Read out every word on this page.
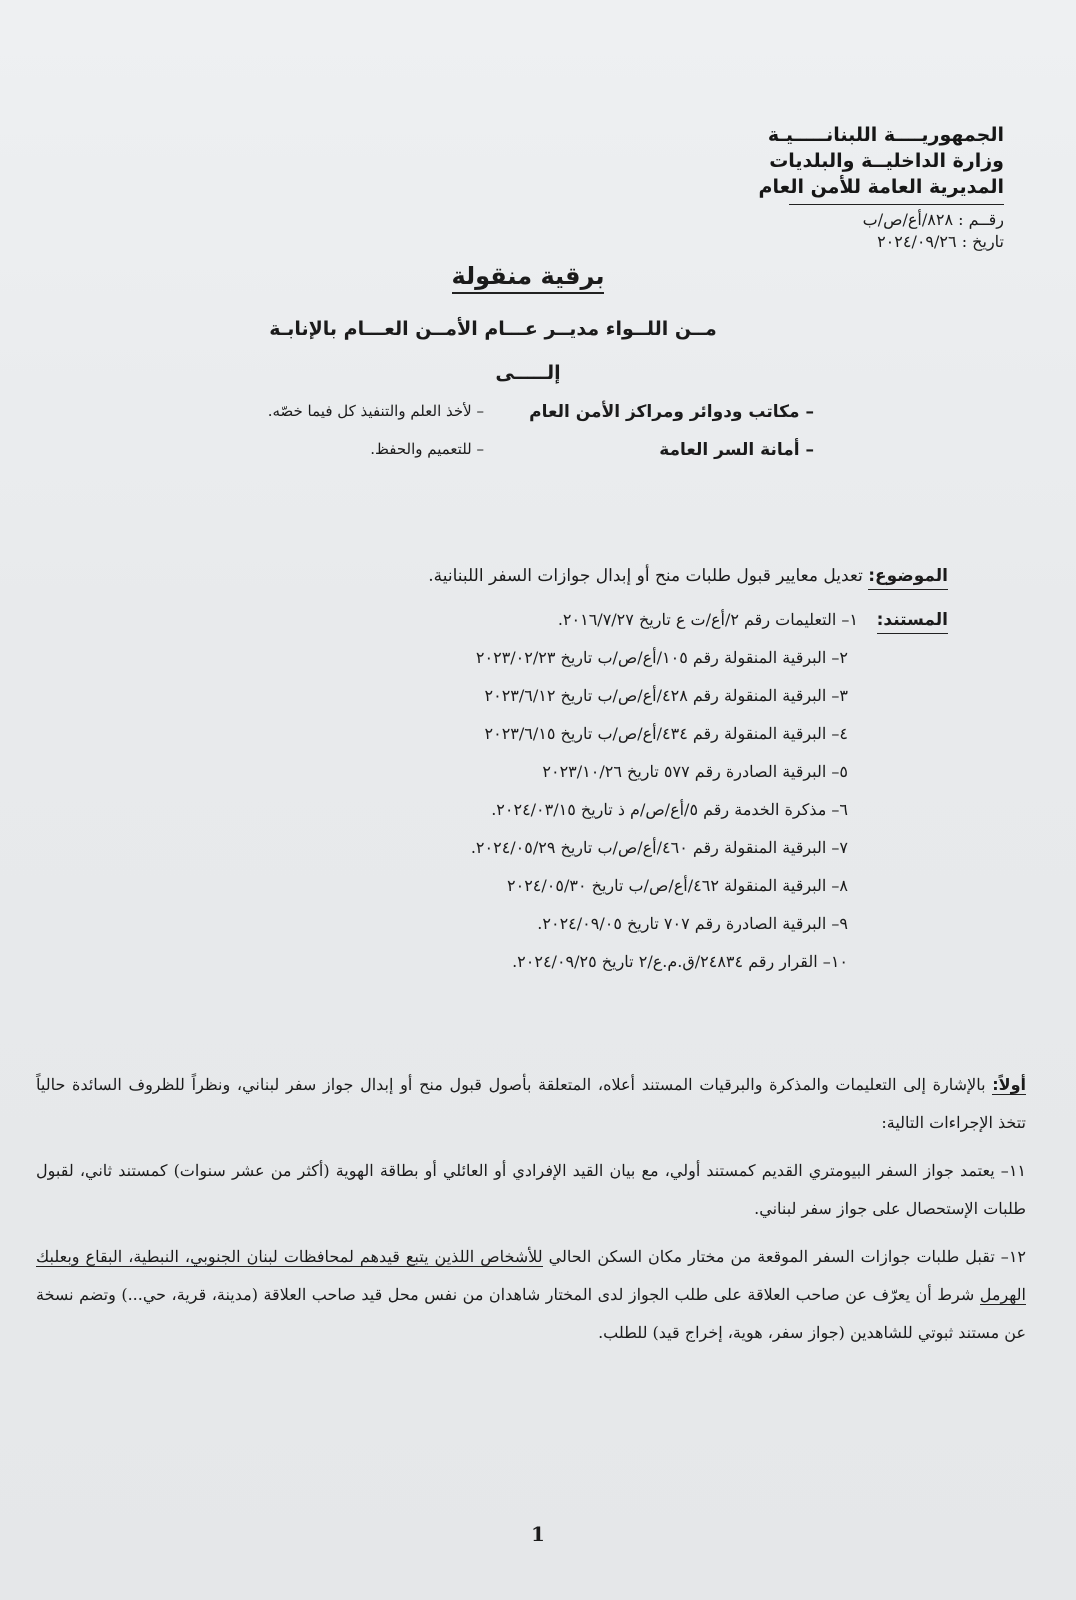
الجمهوريــــة اللبنانـــــيـة
وزارة الداخليــة والبلديات
المديرية العامة للأمن العام
رقــم : ٨٢٨/أع/ص/ب
تاريخ : ٢٠٢٤/٠٩/٢٦
برقية منقولة
مــن اللــواء مديــر عـــام الأمــن العـــام بالإنابـة
إلـــــى
– مكاتب ودوائر ومراكز الأمن العام
– لأخذ العلم والتنفيذ كل فيما خصّه.
– أمانة السر العامة
– للتعميم والحفظ.
الموضوع: تعديل معايير قبول طلبات منح أو إبدال جوازات السفر اللبنانية.
المستند:
١– التعليمات رقم ٢/أع/ت ع تاريخ ٢٠١٦/٧/٢٧.
٢– البرقية المنقولة رقم ١٠٥/أع/ص/ب تاريخ ٢٠٢٣/٠٢/٢٣
٣– البرقية المنقولة رقم ٤٢٨/أع/ص/ب تاريخ ٢٠٢٣/٦/١٢
٤– البرقية المنقولة رقم ٤٣٤/أع/ص/ب تاريخ ٢٠٢٣/٦/١٥
٥– البرقية الصادرة رقم ٥٧٧ تاريخ ٢٠٢٣/١٠/٢٦
٦– مذكرة الخدمة رقم ٥/أع/ص/م ذ تاريخ ٢٠٢٤/٠٣/١٥.
٧– البرقية المنقولة رقم ٤٦٠/أع/ص/ب تاريخ ٢٠٢٤/٠٥/٢٩.
٨– البرقية المنقولة ٤٦٢/أع/ص/ب تاريخ ٢٠٢٤/٠٥/٣٠
٩– البرقية الصادرة رقم ٧٠٧ تاريخ ٢٠٢٤/٠٩/٠٥.
١٠– القرار رقم ٢٤٨٣٤/ق.م.ع/٢ تاريخ ٢٠٢٤/٠٩/٢٥.
أولاً: بالإشارة إلى التعليمات والمذكرة والبرقيات المستند أعلاه، المتعلقة بأصول قبول منح أو إبدال جواز سفر لبناني، ونظراً للظروف السائدة حالياً تتخذ الإجراءات التالية:
١١– يعتمد جواز السفر البيومتري القديم كمستند أولي، مع بيان القيد الإفرادي أو العائلي أو بطاقة الهوية (أكثر من عشر سنوات) كمستند ثاني، لقبول طلبات الإستحصال على جواز سفر لبناني.
١٢– تقبل طلبات جوازات السفر الموقعة من مختار مكان السكن الحالي للأشخاص اللذين يتبع قيدهم لمحافظات لبنان الجنوبي، النبطية، البقاع وبعلبك الهرمل شرط أن يعرّف عن صاحب العلاقة على طلب الجواز لدى المختار شاهدان من نفس محل قيد صاحب العلاقة (مدينة، قرية، حي...) وتضم نسخة عن مستند ثبوتي للشاهدين (جواز سفر، هوية، إخراج قيد) للطلب.
1
